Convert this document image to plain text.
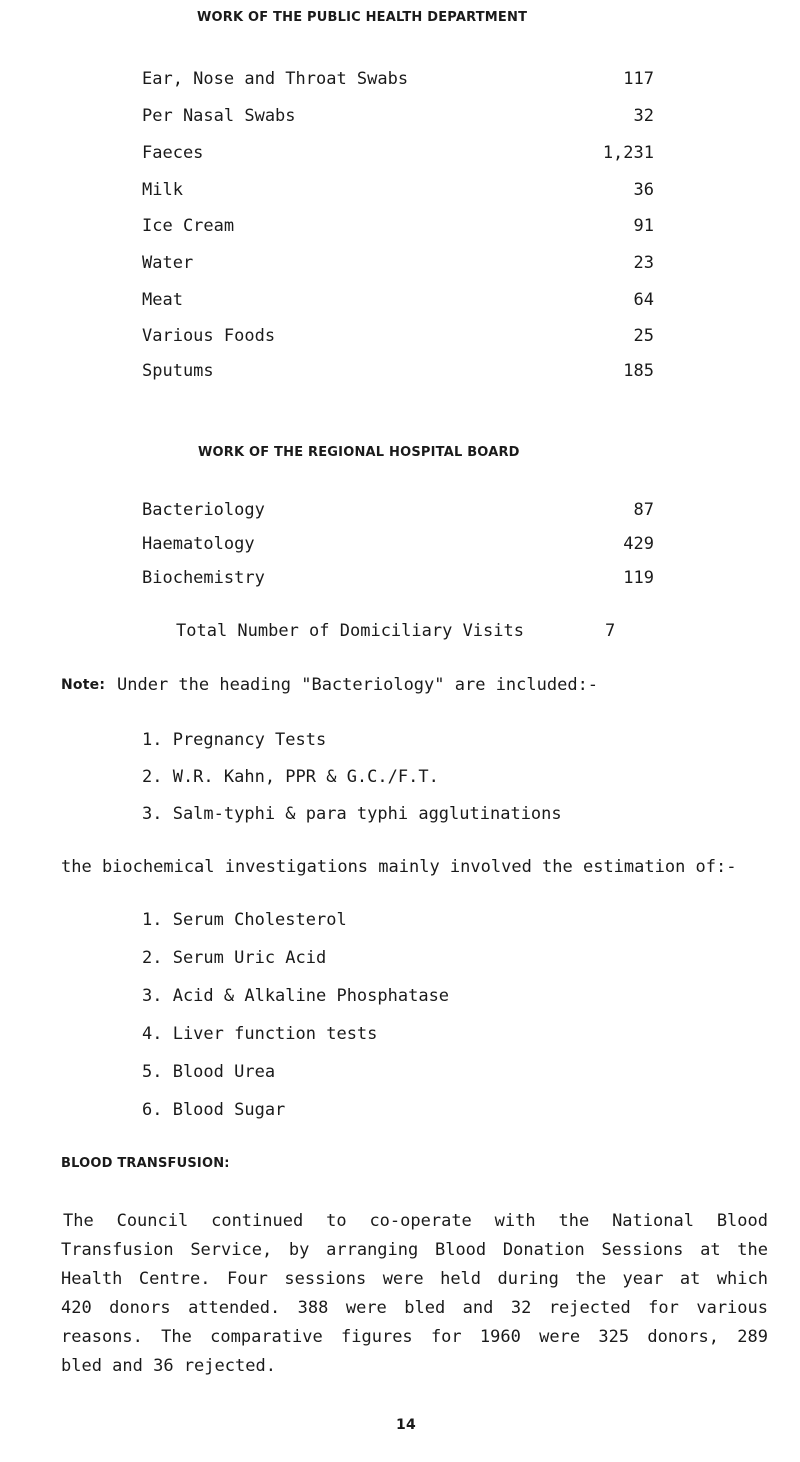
WORK OF THE PUBLIC HEALTH DEPARTMENT
Ear, Nose and Throat Swabs	117
Per Nasal Swabs	32
Faeces	1,231
Milk	36
Ice Cream	91
Water	23
Meat	64
Various Foods	25
Sputums	185
WORK OF THE REGIONAL HOSPITAL BOARD
Bacteriology	87
Haematology	429
Biochemistry	119
Total Number of Domiciliary Visits	7
Note: Under the heading "Bacteriology" are included:-
1. Pregnancy Tests
2. W.R. Kahn, PPR & G.C./F.T.
3. Salm-typhi & para typhi agglutinations
the biochemical investigations mainly involved the estimation of:-
1. Serum Cholesterol
2. Serum Uric Acid
3. Acid & Alkaline Phosphatase
4. Liver function tests
5. Blood Urea
6. Blood Sugar
BLOOD TRANSFUSION:
The Council continued to co-operate with the National Blood
Transfusion Service, by arranging Blood Donation Sessions at the
Health Centre. Four sessions were held during the year at which
420 donors attended. 388 were bled and 32 rejected for various
reasons. The comparative figures for 1960 were 325 donors, 289
bled and 36 rejected.
14
